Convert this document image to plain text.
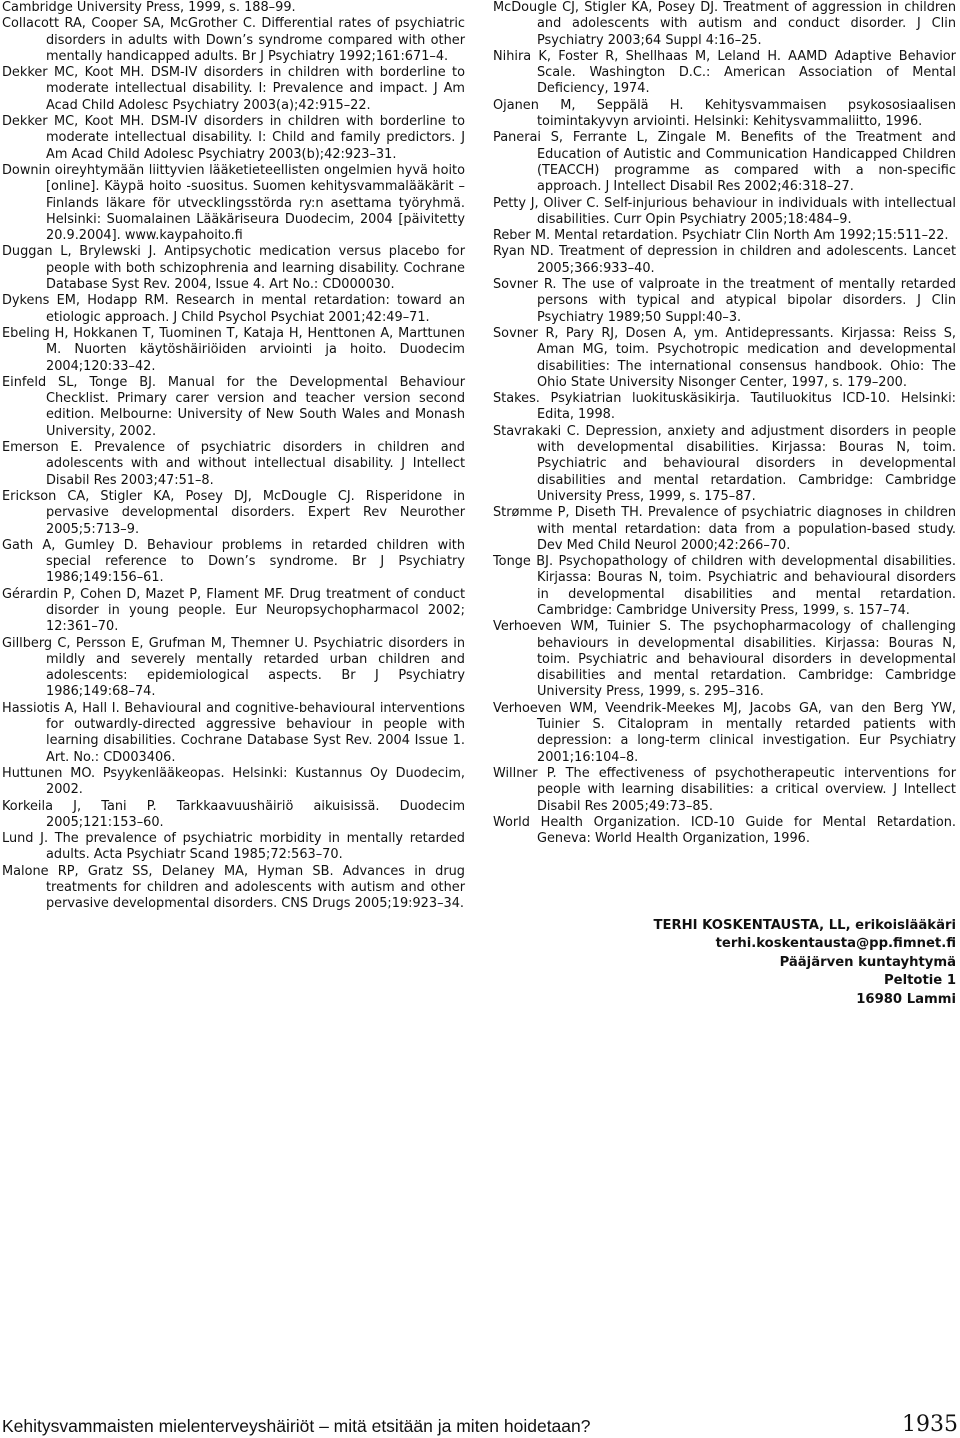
Cambridge University Press, 1999, s. 188–99.

Collacott RA, Cooper SA, McGrother C. Differential rates of psychiatric disorders in adults with Down’s syndrome compared with other mentally handicapped adults. Br J Psychiatry 1992;161:671–4.

Dekker MC, Koot MH. DSM-IV disorders in children with borderline to moderate intellectual disability. I: Prevalence and impact. J Am Acad Child Adolesc Psychiatry 2003(a);42:915–22.

Dekker MC, Koot MH. DSM-IV disorders in children with borderline to moderate intellectual disability. I: Child and family predictors. J Am Acad Child Adolesc Psychiatry 2003(b);42:923–31.

Downin oireyhtymään liittyvien lääketieteellisten ongelmien hyvä hoito [online]. Käypä hoito -suositus. Suomen kehitysvammalääkärit – Finlands läkare för utvecklingsstörda ry:n asettama työryhmä. Helsinki: Suomalainen Lääkäriseura Duodecim, 2004 [päivitetty 20.9.2004]. www.kaypahoito.fi

Duggan L, Brylewski J. Antipsychotic medication versus placebo for people with both schizophrenia and learning disability. Cochrane Database Syst Rev. 2004, Issue 4. Art No.: CD000030.

Dykens EM, Hodapp RM. Research in mental retardation: toward an etiologic approach. J Child Psychol Psychiat 2001;42:49–71.

Ebeling H, Hokkanen T, Tuominen T, Kataja H, Henttonen A, Marttunen M. Nuorten käytöshäiriöiden arviointi ja hoito. Duodecim 2004;120:33–42.

Einfeld SL, Tonge BJ. Manual for the Developmental Behaviour Checklist. Primary carer version and teacher version second edition. Melbourne: University of New South Wales and Monash University, 2002.

Emerson E. Prevalence of psychiatric disorders in children and adolescents with and without intellectual disability. J Intellect Disabil Res 2003;47:51–8.

Erickson CA, Stigler KA, Posey DJ, McDougle CJ. Risperidone in pervasive developmental disorders. Expert Rev Neurother 2005;5:713–9.

Gath A, Gumley D. Behaviour problems in retarded children with special reference to Down’s syndrome. Br J Psychiatry 1986;149:156–61.

Gérardin P, Cohen D, Mazet P, Flament MF. Drug treatment of conduct disorder in young people. Eur Neuropsychopharmacol 2002; 12:361–70.

Gillberg C, Persson E, Grufman M, Themner U. Psychiatric disorders in mildly and severely mentally retarded urban children and adolescents: epidemiological aspects. Br J Psychiatry 1986;149:68–74.

Hassiotis A, Hall I. Behavioural and cognitive-behavioural interventions for outwardly-directed aggressive behaviour in people with learning disabilities. Cochrane Database Syst Rev. 2004 Issue 1. Art. No.: CD003406.

Huttunen MO. Psyykenlääkeopas. Helsinki: Kustannus Oy Duodecim, 2002.

Korkeila J, Tani P. Tarkkaavuushäiriö aikuisissä. Duodecim 2005;121:153–60.

Lund J. The prevalence of psychiatric morbidity in mentally retarded adults. Acta Psychiatr Scand 1985;72:563–70.

Malone RP, Gratz SS, Delaney MA, Hyman SB. Advances in drug treatments for children and adolescents with autism and other pervasive developmental disorders. CNS Drugs 2005;19:923–34.

McDougle CJ, Stigler KA, Posey DJ. Treatment of aggression in children and adolescents with autism and conduct disorder. J Clin Psychiatry 2003;64 Suppl 4:16–25.

Nihira K, Foster R, Shellhaas M, Leland H. AAMD Adaptive Behavior Scale. Washington D.C.: American Association of Mental Deficiency, 1974.

Ojanen M, Seppälä H. Kehitysvammaisen psykososiaalisen toimintakyvyn arviointi. Helsinki: Kehitysvammaliitto, 1996.

Panerai S, Ferrante L, Zingale M. Benefits of the Treatment and Education of Autistic and Communication Handicapped Children (TEACCH) programme as compared with a non-specific approach. J Intellect Disabil Res 2002;46:318–27.

Petty J, Oliver C. Self-injurious behaviour in individuals with intellectual disabilities. Curr Opin Psychiatry 2005;18:484–9.

Reber M. Mental retardation. Psychiatr Clin North Am 1992;15:511–22.

Ryan ND. Treatment of depression in children and adolescents. Lancet 2005;366:933–40.

Sovner R. The use of valproate in the treatment of mentally retarded persons with typical and atypical bipolar disorders. J Clin Psychiatry 1989;50 Suppl:40–3.

Sovner R, Pary RJ, Dosen A, ym. Antidepressants. Kirjassa: Reiss S, Aman MG, toim. Psychotropic medication and developmental disabilities: The international consensus handbook. Ohio: The Ohio State University Nisonger Center, 1997, s. 179–200.

Stakes. Psykiatrian luokituskäsikirja. Tautiluokitus ICD-10. Helsinki: Edita, 1998.

Stavrakaki C. Depression, anxiety and adjustment disorders in people with developmental disabilities. Kirjassa: Bouras N, toim. Psychiatric and behavioural disorders in developmental disabilities and mental retardation. Cambridge: Cambridge University Press, 1999, s. 175–87.

Strømme P, Diseth TH. Prevalence of psychiatric diagnoses in children with mental retardation: data from a population-based study. Dev Med Child Neurol 2000;42:266–70.

Tonge BJ. Psychopathology of children with developmental disabilities. Kirjassa: Bouras N, toim. Psychiatric and behavioural disorders in developmental disabilities and mental retardation. Cambridge: Cambridge University Press, 1999, s. 157–74.

Verhoeven WM, Tuinier S. The psychopharmacology of challenging behaviours in developmental disabilities. Kirjassa: Bouras N, toim. Psychiatric and behavioural disorders in developmental disabilities and mental retardation. Cambridge: Cambridge University Press, 1999, s. 295–316.

Verhoeven WM, Veendrik-Meekes MJ, Jacobs GA, van den Berg YW, Tuinier S. Citalopram in mentally retarded patients with depression: a long-term clinical investigation. Eur Psychiatry 2001;16:104–8.

Willner P. The effectiveness of psychotherapeutic interventions for people with learning disabilities: a critical overview. J Intellect Disabil Res 2005;49:73–85.

World Health Organization. ICD-10 Guide for Mental Retardation. Geneva: World Health Organization, 1996.

TERHI KOSKENTAUSTA, LL, erikoislääkäri
terhi.koskentausta@pp.fimnet.fi
Pääjärven kuntayhtymä
Peltotie 1
16980 Lammi
Kehitysvammaisten mielenterveyshäiriöt – mitä etsitään ja miten hoidetaan?	1935
